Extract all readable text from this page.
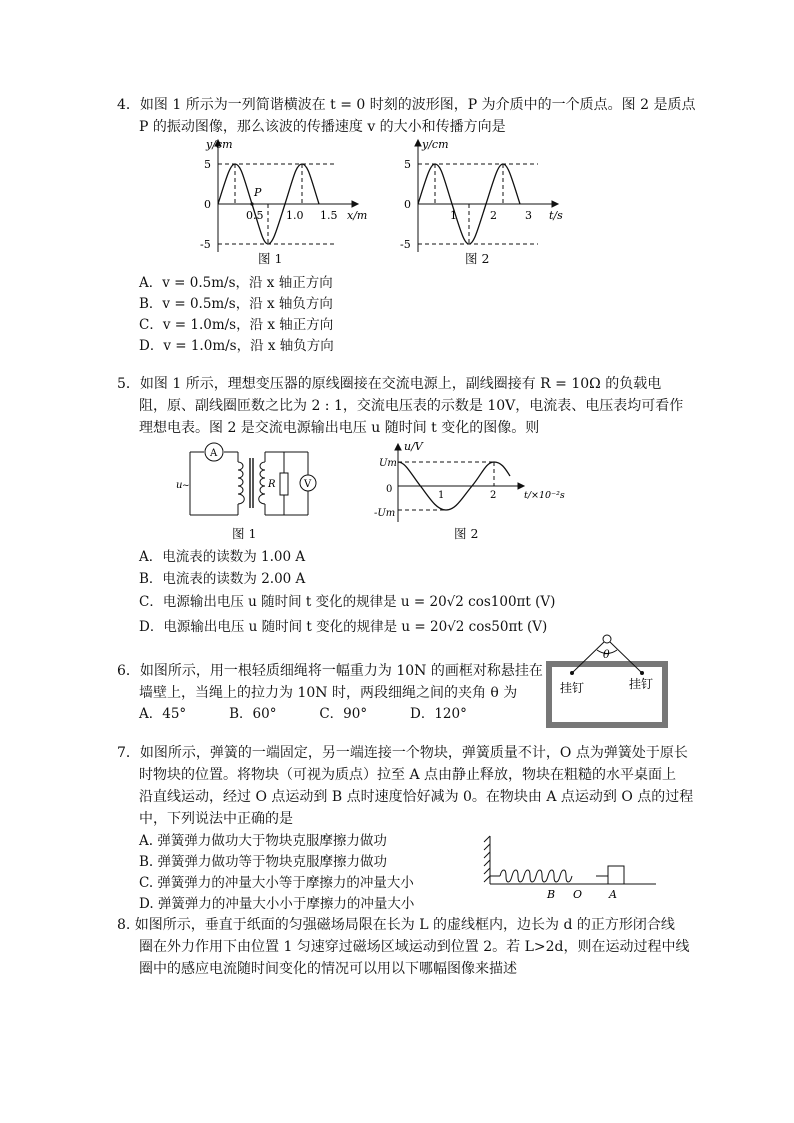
4．如图 1 所示为一列简谐横波在 t = 0 时刻的波形图，P 为介质中的一个质点。图 2 是质点
P 的振动图像，那么该波的传播速度 v 的大小和传播方向是
y/cm
5
0
-5
P
0.5 1.0 1.5 x/m
图 1
y/cm
5
0
-5
1	2	3 t/s
图 2
A．v = 0.5m/s，沿 x 轴正方向
B．v = 0.5m/s，沿 x 轴负方向
C．v = 1.0m/s，沿 x 轴正方向
D．v = 1.0m/s，沿 x 轴负方向
5．如图 1 所示，理想变压器的原线圈接在交流电源上，副线圈接有 R = 10Ω 的负载电
阻，原、副线圈匝数之比为 2 : 1，交流电压表的示数是 10V，电流表、电压表均可看作
理想电表。图 2 是交流电源输出电压 u 随时间 t 变化的图像。则
A
V
R
u ~
图 1
u/V
Um
0
-Um
1	2	t/×10⁻²s
图 2
A．电流表的读数为 1.00 A
B．电流表的读数为 2.00 A
C．电源输出电压 u 随时间 t 变化的规律是 u = 20√2 cos100πt (V)
D．电源输出电压 u 随时间 t 变化的规律是 u = 20√2 cos50πt (V)
6．如图所示，用一根轻质细绳将一幅重力为 10N 的画框对称悬挂在
墙壁上，当绳上的拉力为 10N 时，两段细绳之间的夹角 θ 为
A．45°          B．60°          C．90°          D．120°
θ
挂钉	挂钉
7．如图所示，弹簧的一端固定，另一端连接一个物块，弹簧质量不计，O 点为弹簧处于原长
时物块的位置。将物块（可视为质点）拉至 A 点由静止释放，物块在粗糙的水平桌面上
沿直线运动，经过 O 点运动到 B 点时速度恰好减为 0。在物块由 A 点运动到 O 点的过程
中，下列说法中正确的是
A. 弹簧弹力做功大于物块克服摩擦力做功
B. 弹簧弹力做功等于物块克服摩擦力做功
C. 弹簧弹力的冲量大小等于摩擦力的冲量大小
D. 弹簧弹力的冲量大小小于摩擦力的冲量大小
B O A
8. 如图所示，垂直于纸面的匀强磁场局限在长为 L 的虚线框内，边长为 d 的正方形闭合线
圈在外力作用下由位置 1 匀速穿过磁场区域运动到位置 2。若 L>2d，则在运动过程中线
圈中的感应电流随时间变化的情况可以用以下哪幅图像来描述
